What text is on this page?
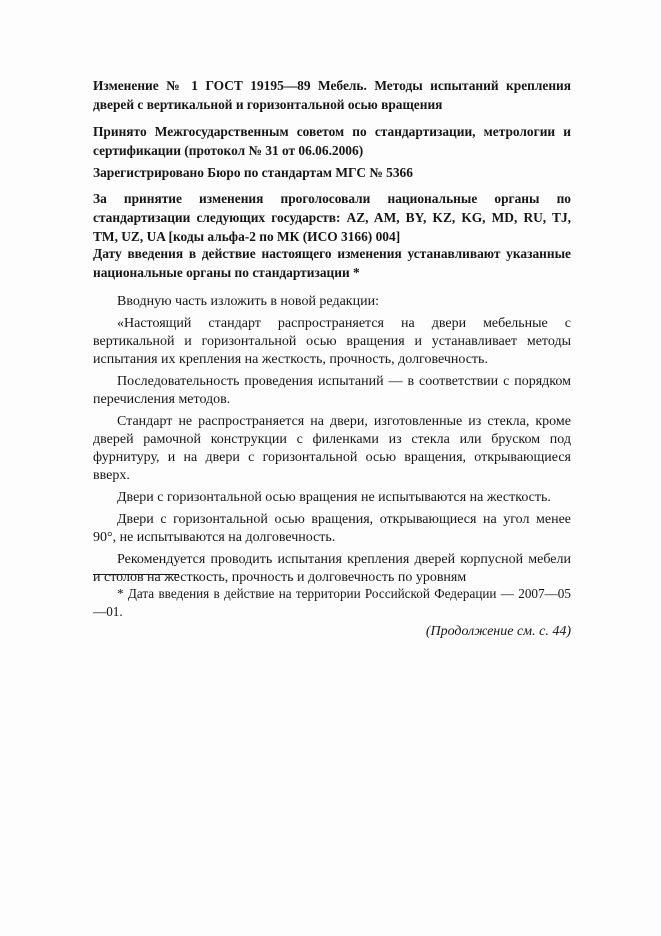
Изменение № 1 ГОСТ 19195—89 Мебель. Методы испытаний крепления дверей с вертикальной и горизонтальной осью вращения

Принято Межгосударственным советом по стандартизации, метрологии и сертификации (протокол № 31 от 06.06.2006)

Зарегистрировано Бюро по стандартам МГС № 5366

За принятие изменения проголосовали национальные органы по стандартизации следующих государств: AZ, AM, BY, KZ, KG, MD, RU, TJ, TM, UZ, UA [коды альфа-2 по МК (ИСО 3166) 004]

Дату введения в действие настоящего изменения устанавливают указанные национальные органы по стандартизации *

Вводную часть изложить в новой редакции:

«Настоящий стандарт распространяется на двери мебельные с вертикальной и горизонтальной осью вращения и устанавливает методы испытания их крепления на жесткость, прочность, долговечность.

Последовательность проведения испытаний — в соответствии с порядком перечисления методов.

Стандарт не распространяется на двери, изготовленные из стекла, кроме дверей рамочной конструкции с филенками из стекла или бруском под фурнитуру, и на двери с горизонтальной осью вращения, открывающиеся вверх.

Двери с горизонтальной осью вращения не испытываются на жесткость.

Двери с горизонтальной осью вращения, открывающиеся на угол менее 90°, не испытываются на долговечность.

Рекомендуется проводить испытания крепления дверей корпусной мебели и столов на жесткость, прочность и долговечность по уровням

* Дата введения в действие на территории Российской Федерации — 2007—05—01.

(Продолжение см. с. 44)
